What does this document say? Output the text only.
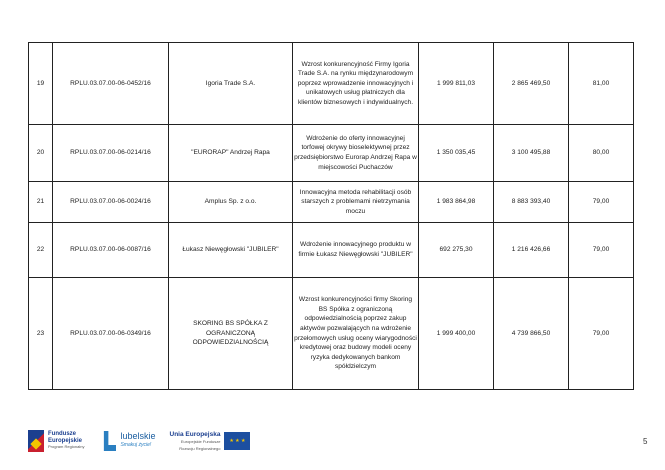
19	RPLU.03.07.00-06-0452/16	Igoria Trade S.A.	Wzrost konkurencyjność Firmy Igoria Trade S.A. na rynku międzynarodowym poprzez wprowadzenie innowacyjnych i unikatowych usług płatniczych dla klientów biznesowych i indywidualnych.	1 999 811,03	2 865 469,50	81,00
20	RPLU.03.07.00-06-0214/16	"EURORAP" Andrzej Rapa	Wdrożenie do oferty innowacyjnej torfowej okrywy bioselektywnej przez przedsiębiorstwo Eurorap Andrzej Rapa w miejscowości Puchaczów	1 350 035,45	3 100 495,88	80,00
21	RPLU.03.07.00-06-0024/16	Amplus Sp. z o.o.	Innowacyjna metoda rehabilitacji osób starszych z problemami nietrzymania moczu	1 983 864,98	8 883 393,40	79,00
22	RPLU.03.07.00-06-0087/16	Łukasz Niewęgłowski "JUBILER"	Wdrożenie innowacyjnego produktu w firmie Łukasz Niewęgłowski "JUBILER"	692 275,30	1 216 426,66	79,00
23	RPLU.03.07.00-06-0349/16	SKORING BS SPÓŁKA Z OGRANICZONĄ ODPOWIEDZIALNOŚCIĄ	Wzrost konkurencyjności firmy Skoring BS Spółka z ograniczoną odpowiedzialnością poprzez zakup aktywów pozwalających na wdrożenie przełomowych usług oceny wiarygodności kredytowej oraz budowy modeli oceny ryzyka dedykowanych bankom spółdzielczym	1 999 400,00	4 739 866,50	79,00
Fundusze
Europejskie
Program Regionalny
lubelskie
Smakuj życie!
Unia Europejska
Europejskie Fundusze
Rozwoju Regionalnego
★ ★ ★	5
